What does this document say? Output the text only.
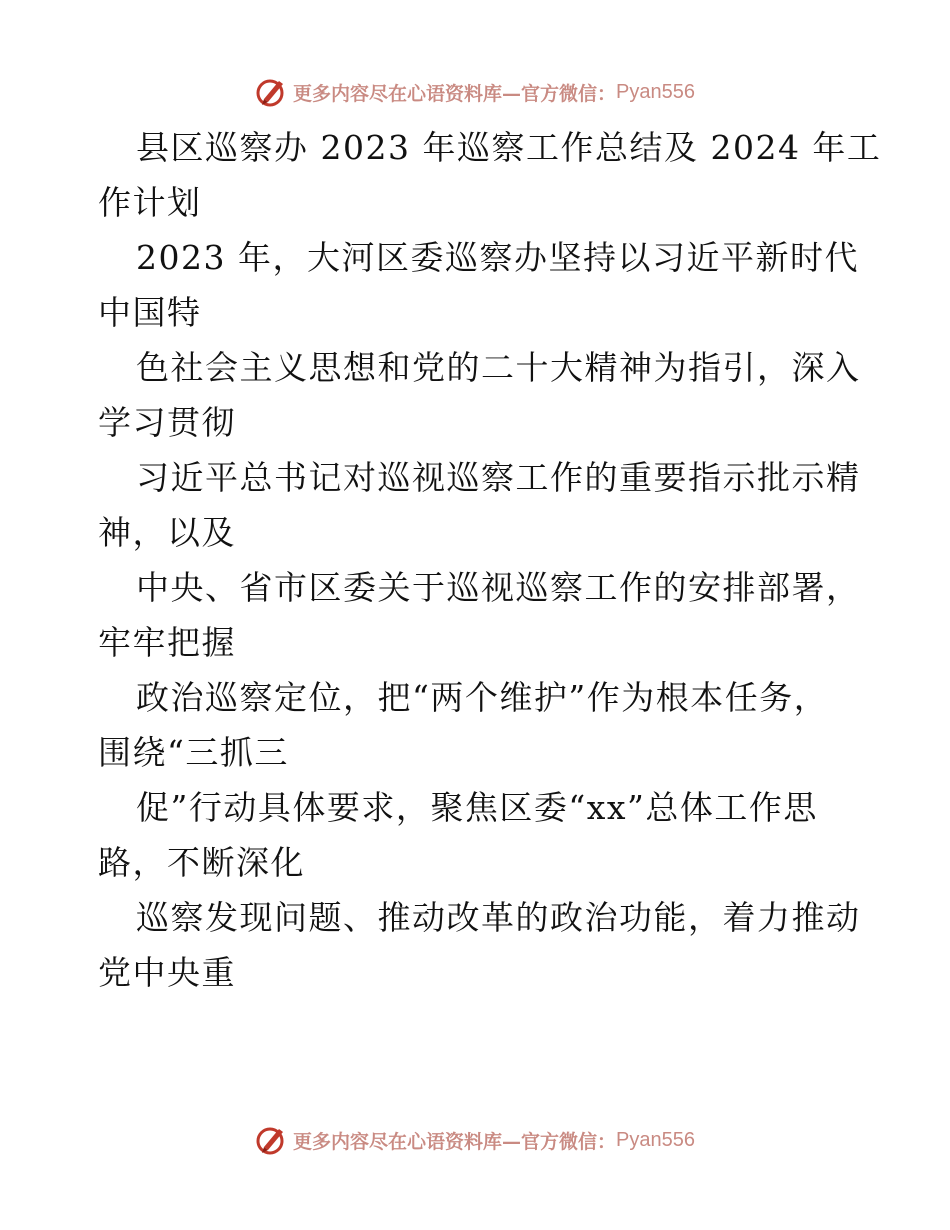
更多内容尽在心语资料库—官方微信： Pyan556
县区巡察办 2023 年巡察工作总结及 2024 年工
作计划
2023 年，大河区委巡察办坚持以习近平新时代
中国特
色社会主义思想和党的二十大精神为指引，深入
学习贯彻
习近平总书记对巡视巡察工作的重要指示批示精
神，以及
中央、省市区委关于巡视巡察工作的安排部署，
牢牢把握
政治巡察定位，把“两个维护”作为根本任务，
围绕“三抓三
促”行动具体要求，聚焦区委“xx”总体工作思
路，不断深化
巡察发现问题、推动改革的政治功能，着力推动
党中央重
更多内容尽在心语资料库—官方微信： Pyan556
